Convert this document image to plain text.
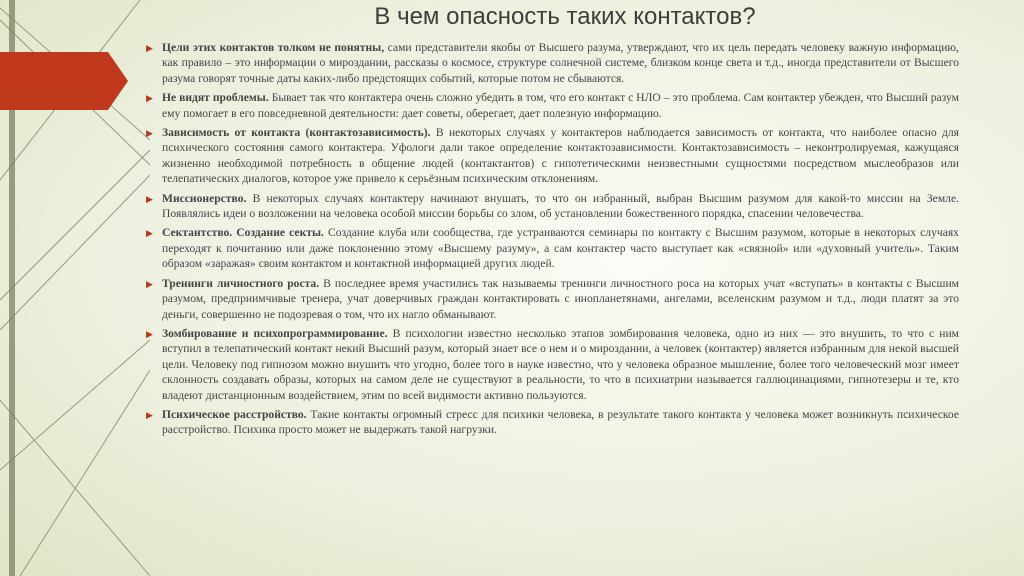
В чем опасность таких контактов?
▶ Цели этих контактов толком не понятны, сами представители якобы от Высшего разума, утверждают, что их цель передать человеку важную информацию, как правило – это информации о мироздании, рассказы о космосе, структуре солнечной системе, близком конце света и т.д., иногда представители от Высшего разума говорят точные даты каких-либо предстоящих событий, которые потом не сбываются.
▶ Не видят проблемы. Бывает так что контактера очень сложно убедить в том, что его контакт с НЛО – это проблема. Сам контактер убежден, что Высший разум ему помогает в его повседневной деятельности: дает советы, оберегает, дает полезную информацию.
▶ Зависимость от контакта (контактозависимость). В некоторых случаях у контактеров наблюдается зависимость от контакта, что наиболее опасно для психического состояния самого контактера. Уфологи дали такое определение контактозависимости. Контактозависимость – неконтролируемая, кажущаяся жизненно необходимой потребность в общение людей (контактантов) с гипотетическими неизвестными сущностями посредством мыслеобразов или телепатических диалогов, которое уже привело к серьёзным психическим отклонениям.
▶ Миссионерство. В некоторых случаях контактеру начинают внушать, то что он избранный, выбран Высшим разумом для какой-то миссии на Земле. Появлялись идеи о возложении на человека особой миссии борьбы со злом, об установлении божественного порядка, спасении человечества.
▶ Сектантство. Создание секты. Создание клуба или сообщества, где устраиваются семинары по контакту с Высшим разумом, которые в некоторых случаях переходят к почитанию или даже поклонению этому «Высшему разуму», а сам контактер часто выступает как «связной» или «духовный учитель». Таким образом «заражая» своим контактом и контактной информацией других людей.
▶ Тренинги личностного роста. В последнее время участились так называемы тренинги личностного роса на которых учат «вступать» в контакты с Высшим разумом, предприимчивые тренера, учат доверчивых граждан контактировать с инопланетянами, ангелами, вселенским разумом и т.д., люди платят за это деньги, совершенно не подозревая о том, что их нагло обманывают.
▶ Зомбирование и психопрограммирование. В психологии известно несколько этапов зомбирования человека, одно из них — это внушить, то что с ним вступил в телепатический контакт некий Высший разум, который знает все о нем и о мироздании, а человек (контактер) является избранным для некой высшей цели. Человеку под гипнозом можно внушить что угодно, более того в науке известно, что у человека образное мышление, более того человеческий мозг имеет склонность создавать образы, которых на самом деле не существуют в реальности, то что в психиатрии называется галлюцинациями, гипнотезеры и те, кто владеют дистанционным воздействием, этим по всей видимости активно пользуются.
▶ Психическое расстройство. Такие контакты огромный стресс для психики человека, в результате такого контакта у человека может возникнуть психическое расстройство. Психика просто может не выдержать такой нагрузки.
